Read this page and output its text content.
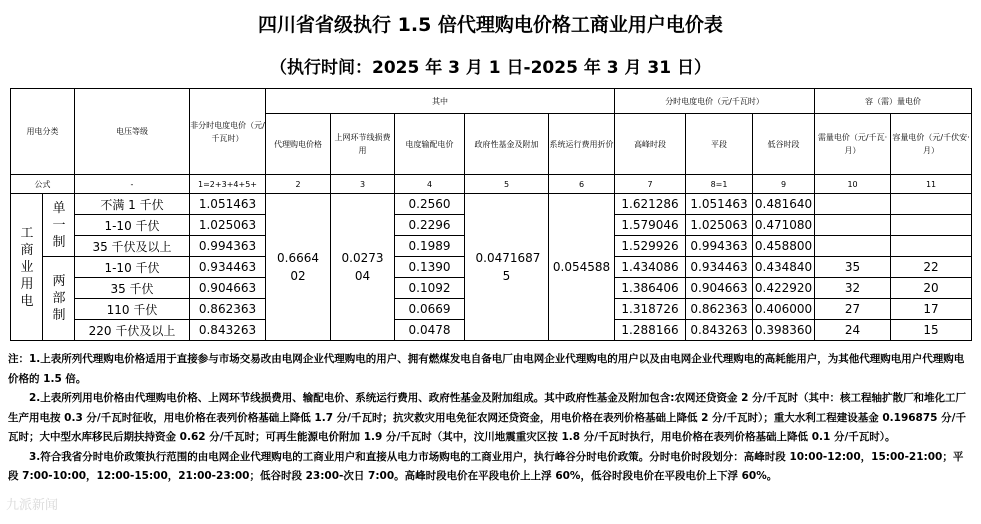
四川省省级执行 1.5 倍代理购电价格工商业用户电价表
（执行时间：2025 年 3 月 1 日-2025 年 3 月 31 日）
用电分类		电压等级	非分时电度电价（元/千瓦时）	其中					分时电度电价（元/千瓦时）			容（需）量电价	
				代理购电价格	上网环节线损费用	电度输配电价	政府性基金及附加	系统运行费用折价	高峰时段	平段	低谷时段	需量电价（元/千瓦·月）	容量电价（元/千伏安·月）
公式		-	1=2+3+4+5+	2	3	4	5	6	7	8=1	9	10	11

工商业用电	单一制	不满 1 千伏	1.051463	0.666402	0.027304	0.2560	0.0471687 5	0.054588	1.621286	1.051463	0.481640		
		1-10 千伏	1.025063			0.2296			1.579046	1.025063	0.471080		
		35 千伏及以上	0.994363			0.1989			1.529926	0.994363	0.458800		

	两部制	1-10 千伏	0.934463			0.1390			1.434086	0.934463	0.434840	35	22
		35 千伏	0.904663			0.1092			1.386406	0.904663	0.422920	32	20
		110 千伏	0.862363			0.0669			1.318726	0.862363	0.406000	27	17
		220 千伏及以上	0.843263			0.0478			1.288166	0.843263	0.398360	24	15

注：1.上表所列代理购电价格适用于直接参与市场交易改由电网企业代理购电的用户、拥有燃煤发电自备电厂由电网企业代理购电的用户以及由电网企业代理购电的高耗能用户，为其他代理购电用户代理购电价格的 1.5 倍。

2.上表所列用电价格由代理购电价格、上网环节线损费用、输配电价、系统运行费用、政府性基金及附加组成。其中政府性基金及附加包含:农网还贷资金 2 分/千瓦时（其中：核工程轴扩散厂和堆化工厂生产用电按 0.3 分/千瓦时征收，用电价格在表列价格基础上降低 1.7 分/千瓦时；抗灾救灾用电免征农网还贷资金，用电价格在表列价格基础上降低 2 分/千瓦时）；重大水利工程建设基金 0.196875 分/千瓦时；大中型水库移民后期扶持资金 0.62 分/千瓦时；可再生能源电价附加 1.9 分/千瓦时（其中，汶川地震重灾区按 1.8 分/千瓦时执行，用电价格在表列价格基础上降低 0.1 分/千瓦时）。

3.符合我省分时电价政策执行范围的由电网企业代理购电的工商业用户和直接从电力市场购电的工商业用户，执行峰谷分时电价政策。分时电价时段划分：高峰时段 10:00-12:00，15:00-21:00；平段 7:00-10:00，12:00-15:00，21:00-23:00；低谷时段 23:00-次日 7:00。高峰时段电价在平段电价上上浮 60%，低谷时段电价在平段电价上下浮 60%。

九派新闻
